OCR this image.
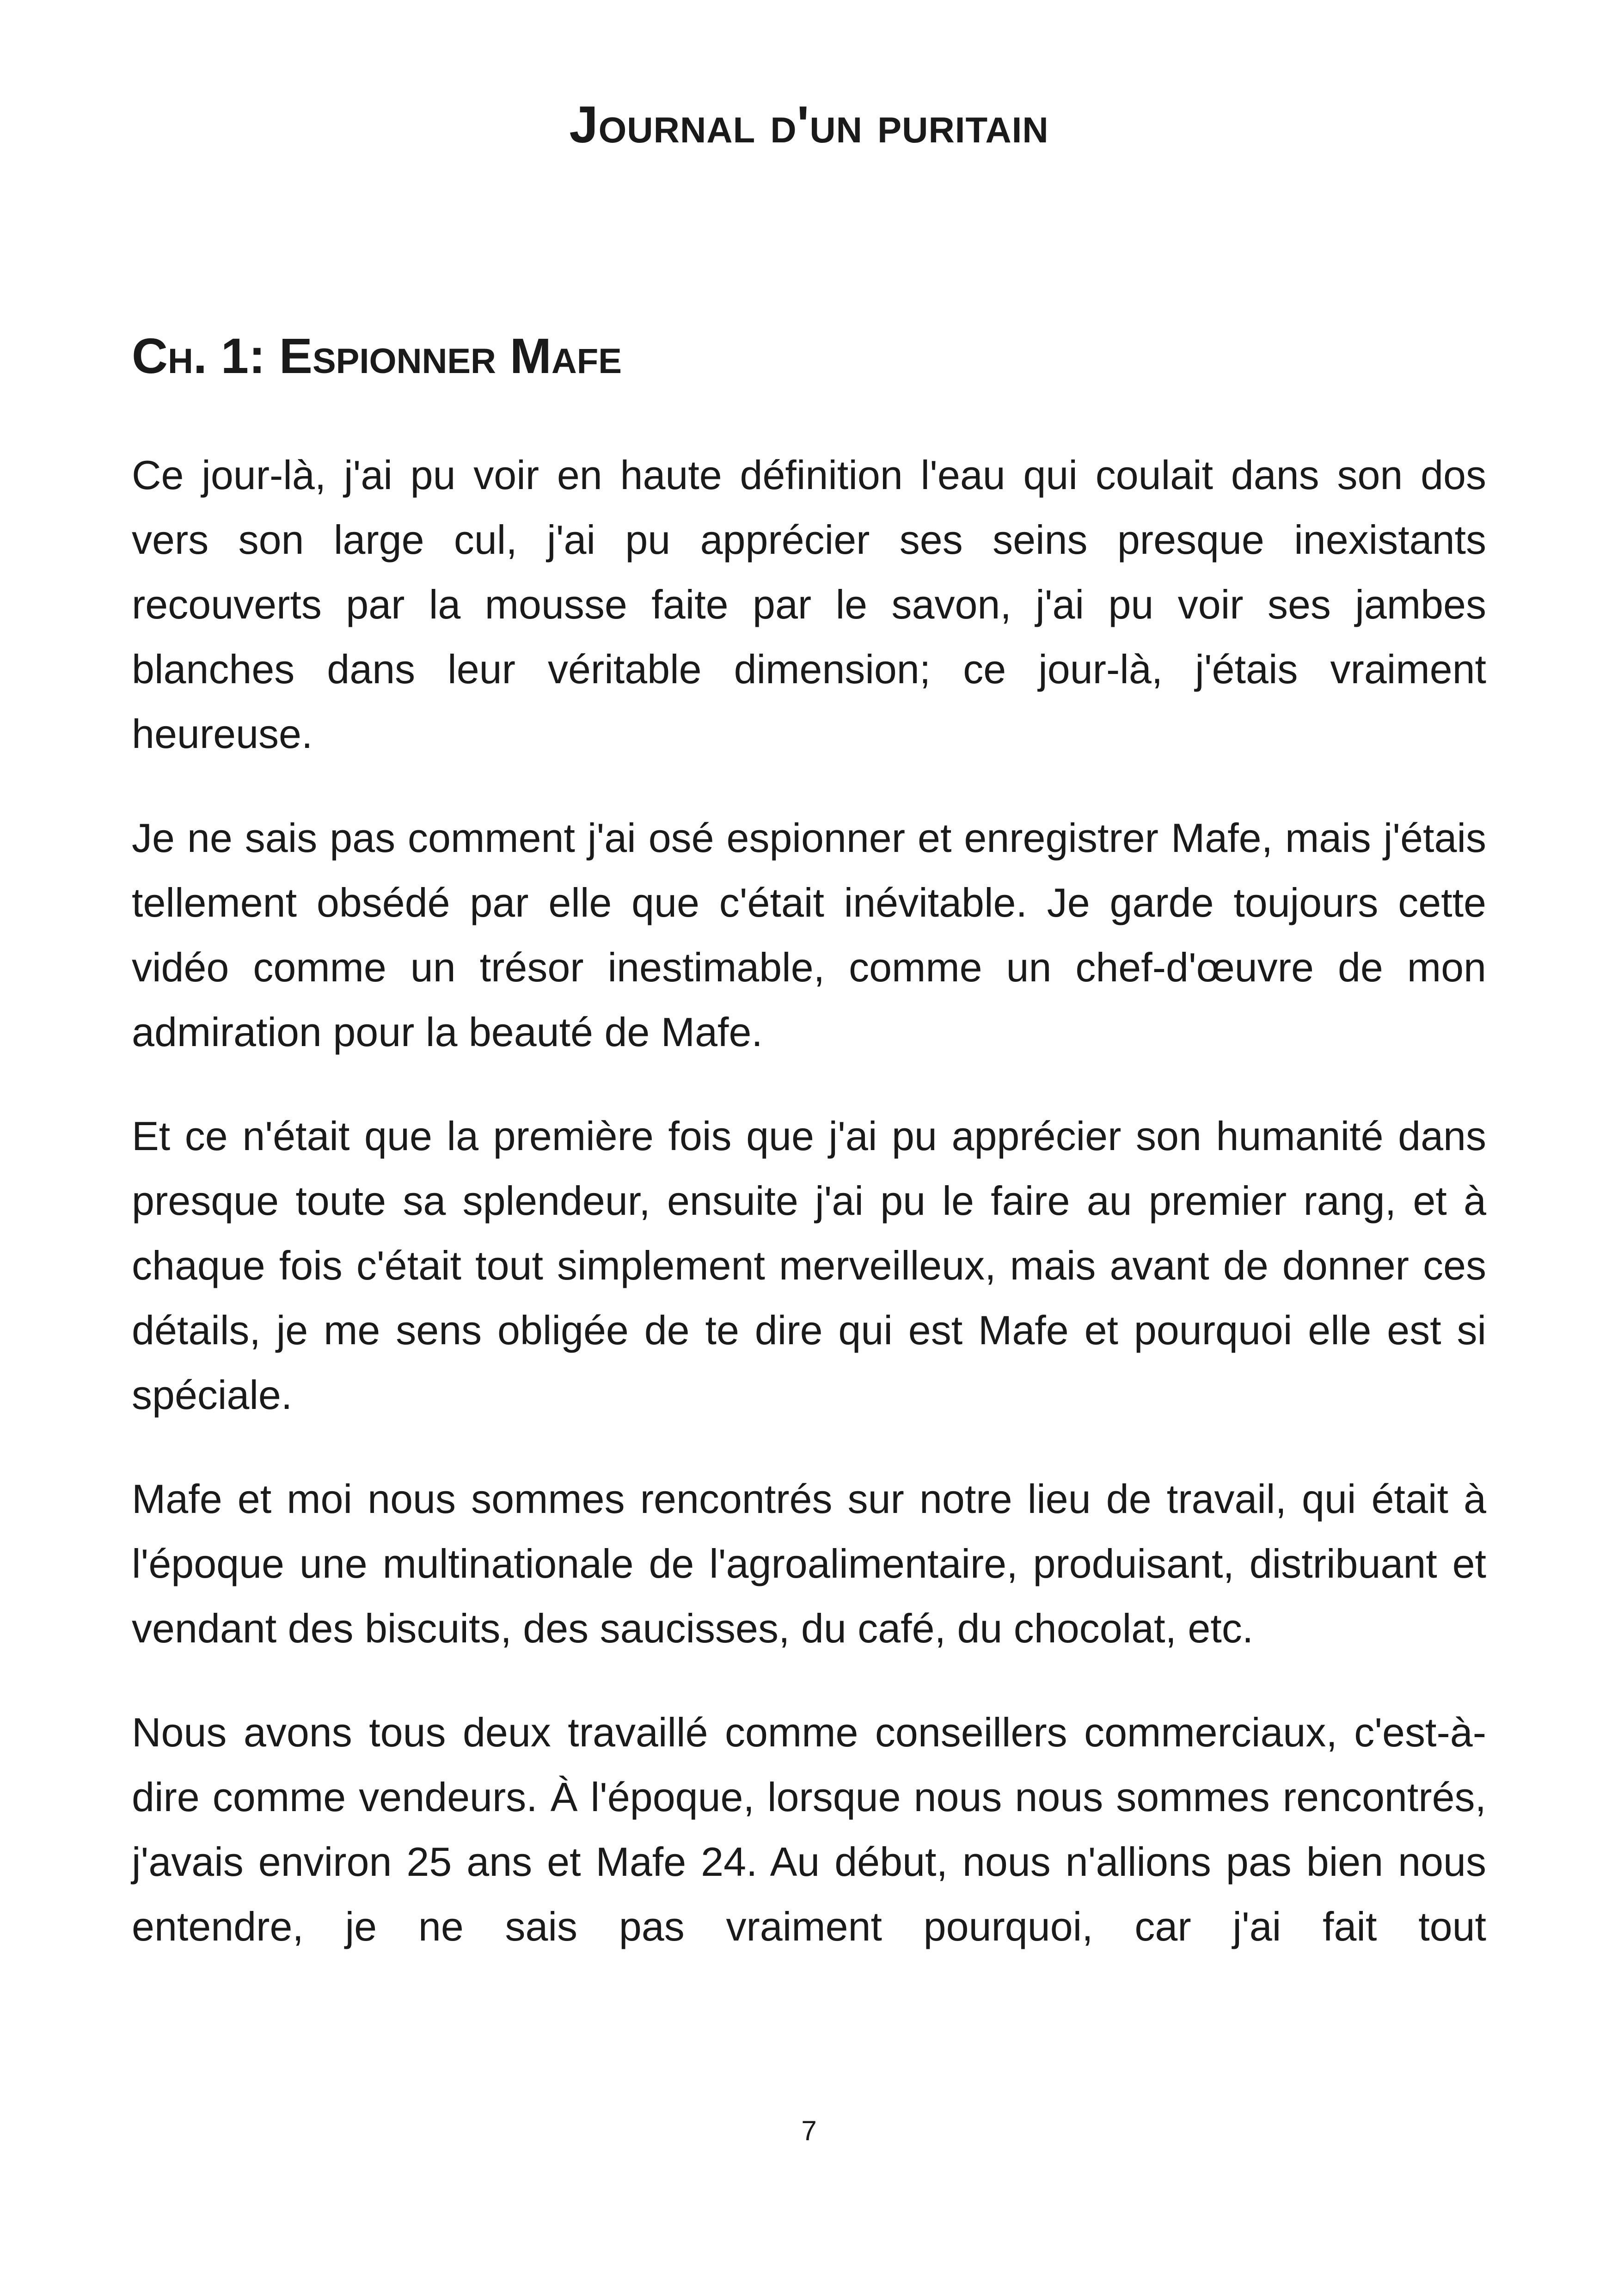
Journal d'un puritain
Ch. 1: Espionner Mafe

Ce jour-là, j'ai pu voir en haute définition l'eau qui coulait dans son dos vers son large cul, j'ai pu apprécier ses seins presque inexistants recouverts par la mousse faite par le savon, j'ai pu voir ses jambes blanches dans leur véritable dimension; ce jour-là, j'étais vraiment heureuse.

Je ne sais pas comment j'ai osé espionner et enregistrer Mafe, mais j'étais tellement obsédé par elle que c'était inévitable. Je garde toujours cette vidéo comme un trésor inestimable, comme un chef-d'œuvre de mon admiration pour la beauté de Mafe.

Et ce n'était que la première fois que j'ai pu apprécier son humanité dans presque toute sa splendeur, ensuite j'ai pu le faire au premier rang, et à chaque fois c'était tout simplement merveilleux, mais avant de donner ces détails, je me sens obligée de te dire qui est Mafe et pourquoi elle est si spéciale.

Mafe et moi nous sommes rencontrés sur notre lieu de travail, qui était à l'époque une multinationale de l'agroalimentaire, produisant, distribuant et vendant des biscuits, des saucisses, du café, du chocolat, etc.

Nous avons tous deux travaillé comme conseillers commerciaux, c'est-à-dire comme vendeurs. À l'époque, lorsque nous nous sommes rencontrés, j'avais environ 25 ans et Mafe 24. Au début, nous n'allions pas bien nous entendre, je ne sais pas vraiment pourquoi, car j'ai fait tout

7
